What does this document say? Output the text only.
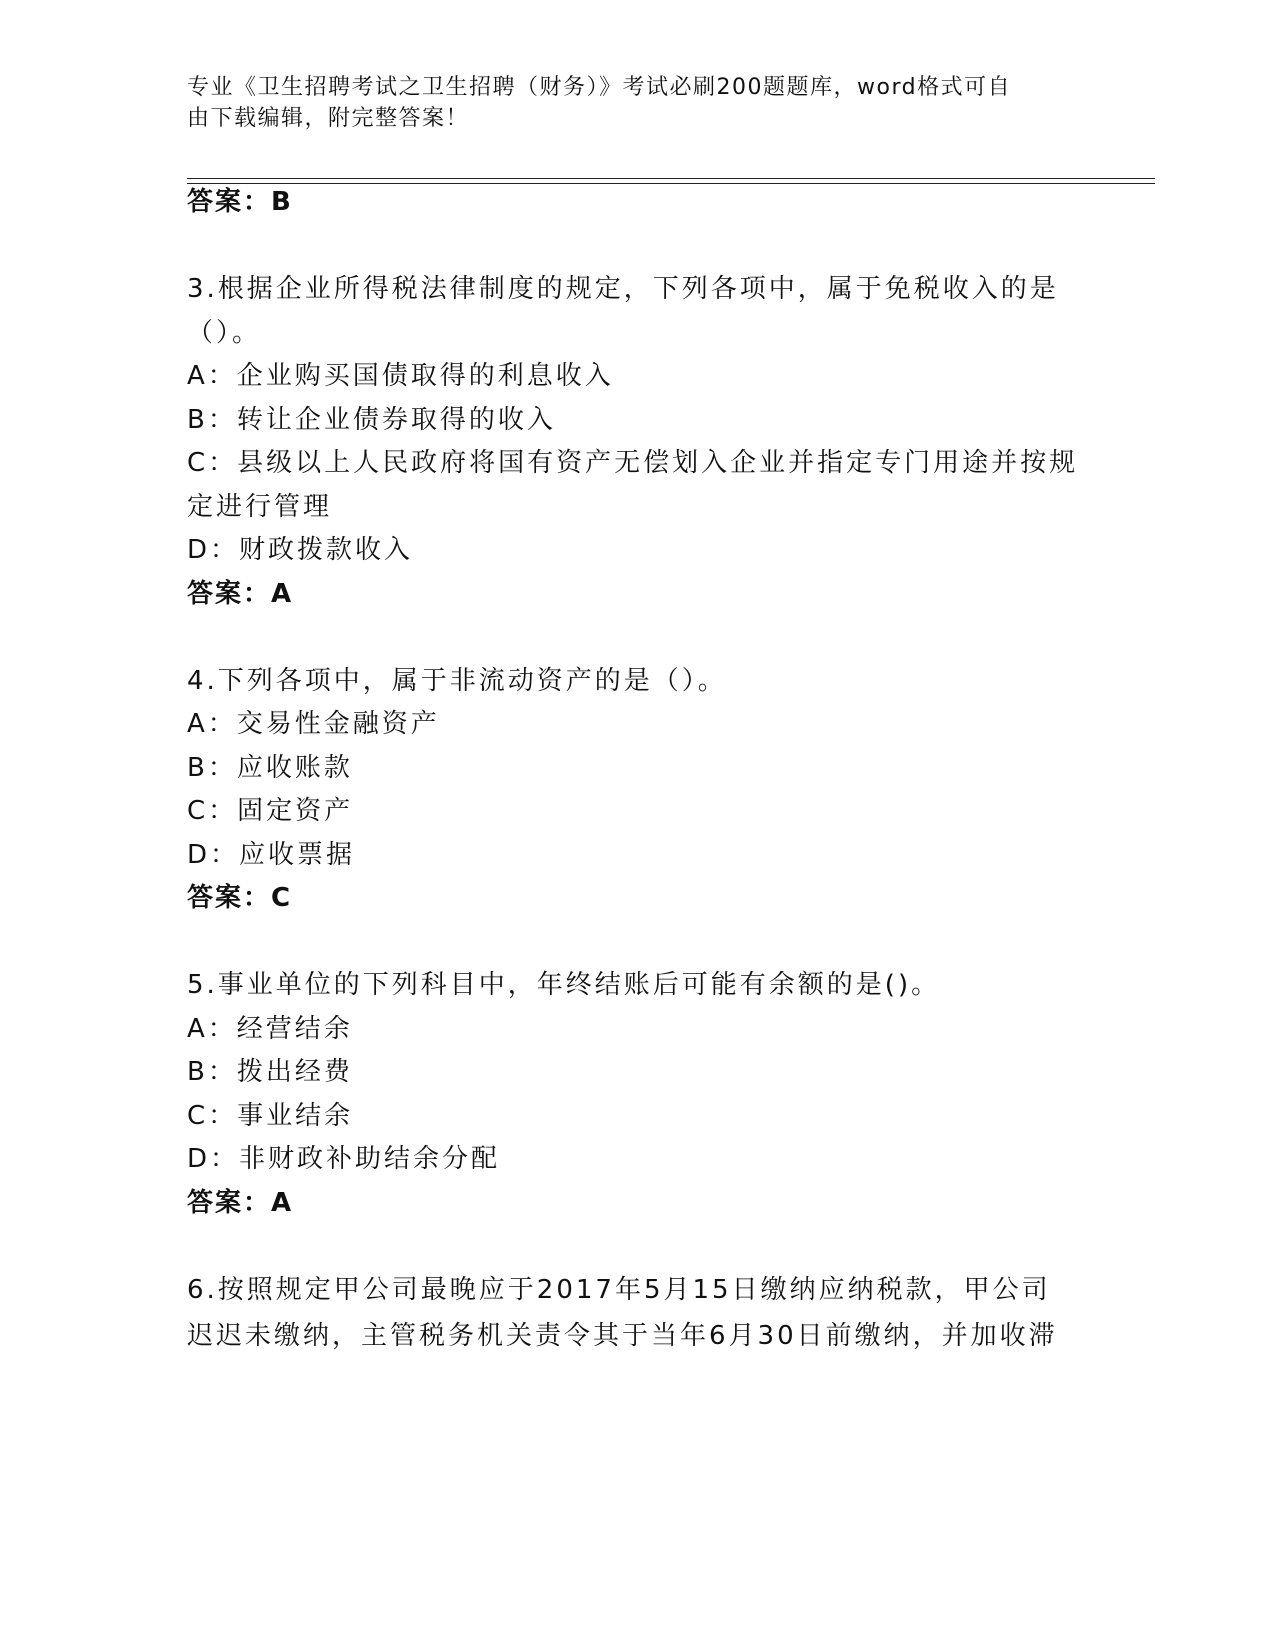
专业《卫生招聘考试之卫生招聘（财务）》考试必刷200题题库，word格式可自
由下载编辑，附完整答案！
答案：B
3.根据企业所得税法律制度的规定，下列各项中，属于免税收入的是
（）。
A：企业购买国债取得的利息收入
B：转让企业债券取得的收入
C：县级以上人民政府将国有资产无偿划入企业并指定专门用途并按规
定进行管理
D：财政拨款收入
答案：A
4.下列各项中，属于非流动资产的是（）。
A：交易性金融资产
B：应收账款
C：固定资产
D：应收票据
答案：C
5.事业单位的下列科目中，年终结账后可能有余额的是()。
A：经营结余
B：拨出经费
C：事业结余
D：非财政补助结余分配
答案：A
6.按照规定甲公司最晚应于2017年5月15日缴纳应纳税款，甲公司
迟迟未缴纳，主管税务机关责令其于当年6月30日前缴纳，并加收滞
